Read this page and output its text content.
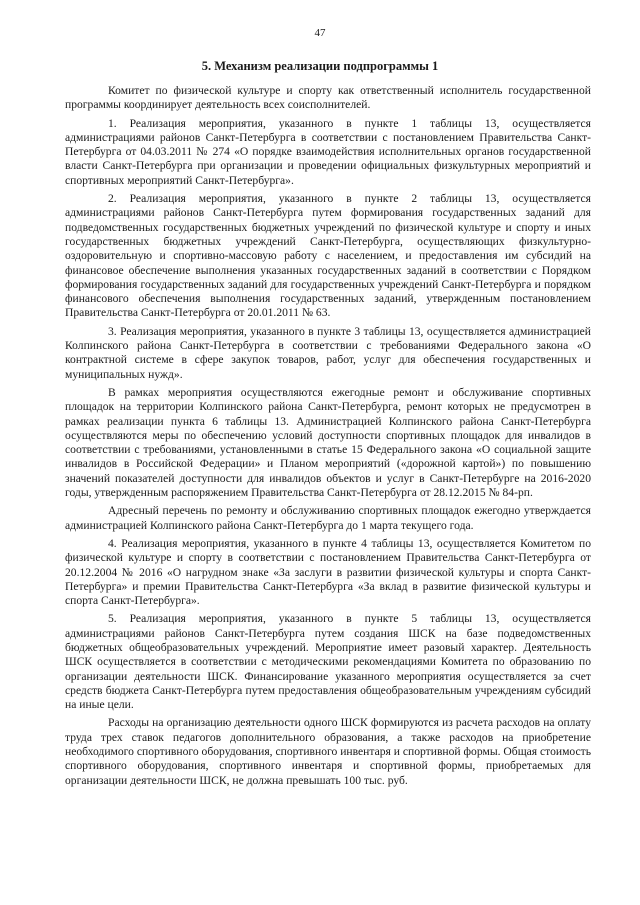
47
5. Механизм реализации подпрограммы 1

Комитет по физической культуре и спорту как ответственный исполнитель государственной программы координирует деятельность всех соисполнителей.

1. Реализация мероприятия, указанного в пункте 1 таблицы 13, осуществляется администрациями районов Санкт-Петербурга в соответствии с постановлением Правительства Санкт-Петербурга от 04.03.2011 № 274 «О порядке взаимодействия исполнительных органов государственной власти Санкт-Петербурга при организации и проведении официальных физкультурных мероприятий и спортивных мероприятий Санкт-Петербурга».

2. Реализация мероприятия, указанного в пункте 2 таблицы 13, осуществляется администрациями районов Санкт-Петербурга путем формирования государственных заданий для подведомственных государственных бюджетных учреждений по физической культуре и спорту и иных государственных бюджетных учреждений Санкт-Петербурга, осуществляющих физкультурно-оздоровительную и спортивно-массовую работу с населением, и предоставления им субсидий на финансовое обеспечение выполнения указанных государственных заданий в соответствии с Порядком формирования государственных заданий для государственных учреждений Санкт-Петербурга и порядком финансового обеспечения выполнения государственных заданий, утвержденным постановлением Правительства Санкт-Петербурга от 20.01.2011 № 63.

3. Реализация мероприятия, указанного в пункте 3 таблицы 13, осуществляется администрацией Колпинского района Санкт-Петербурга в соответствии с требованиями Федерального закона «О контрактной системе в сфере закупок товаров, работ, услуг для обеспечения государственных и муниципальных нужд».

В рамках мероприятия осуществляются ежегодные ремонт и обслуживание спортивных площадок на территории Колпинского района Санкт-Петербурга, ремонт которых не предусмотрен в рамках реализации пункта 6 таблицы 13. Администрацией Колпинского района Санкт-Петербурга осуществляются меры по обеспечению условий доступности спортивных площадок для инвалидов в соответствии с требованиями, установленными в статье 15 Федерального закона «О социальной защите инвалидов в Российской Федерации» и Планом мероприятий («дорожной картой») по повышению значений показателей доступности для инвалидов объектов и услуг в Санкт-Петербурге на 2016-2020 годы, утвержденным распоряжением Правительства Санкт-Петербурга от 28.12.2015 № 84-рп.

Адресный перечень по ремонту и обслуживанию спортивных площадок ежегодно утверждается администрацией Колпинского района Санкт-Петербурга до 1 марта текущего года.

4. Реализация мероприятия, указанного в пункте 4 таблицы 13, осуществляется Комитетом по физической культуре и спорту в соответствии с постановлением Правительства Санкт-Петербурга от 20.12.2004 № 2016 «О нагрудном знаке «За заслуги в развитии физической культуры и спорта Санкт-Петербурга» и премии Правительства Санкт-Петербурга «За вклад в развитие физической культуры и спорта Санкт-Петербурга».

5. Реализация мероприятия, указанного в пункте 5 таблицы 13, осуществляется администрациями районов Санкт-Петербурга путем создания ШСК на базе подведомственных бюджетных общеобразовательных учреждений. Мероприятие имеет разовый характер. Деятельность ШСК осуществляется в соответствии с методическими рекомендациями Комитета по образованию по организации деятельности ШСК. Финансирование указанного мероприятия осуществляется за счет средств бюджета Санкт-Петербурга путем предоставления общеобразовательным учреждениям субсидий на иные цели.

Расходы на организацию деятельности одного ШСК формируются из расчета расходов на оплату труда трех ставок педагогов дополнительного образования, а также расходов на приобретение необходимого спортивного оборудования, спортивного инвентаря и спортивной формы. Общая стоимость спортивного оборудования, спортивного инвентаря и спортивной формы, приобретаемых для организации деятельности ШСК, не должна превышать 100 тыс. руб.
